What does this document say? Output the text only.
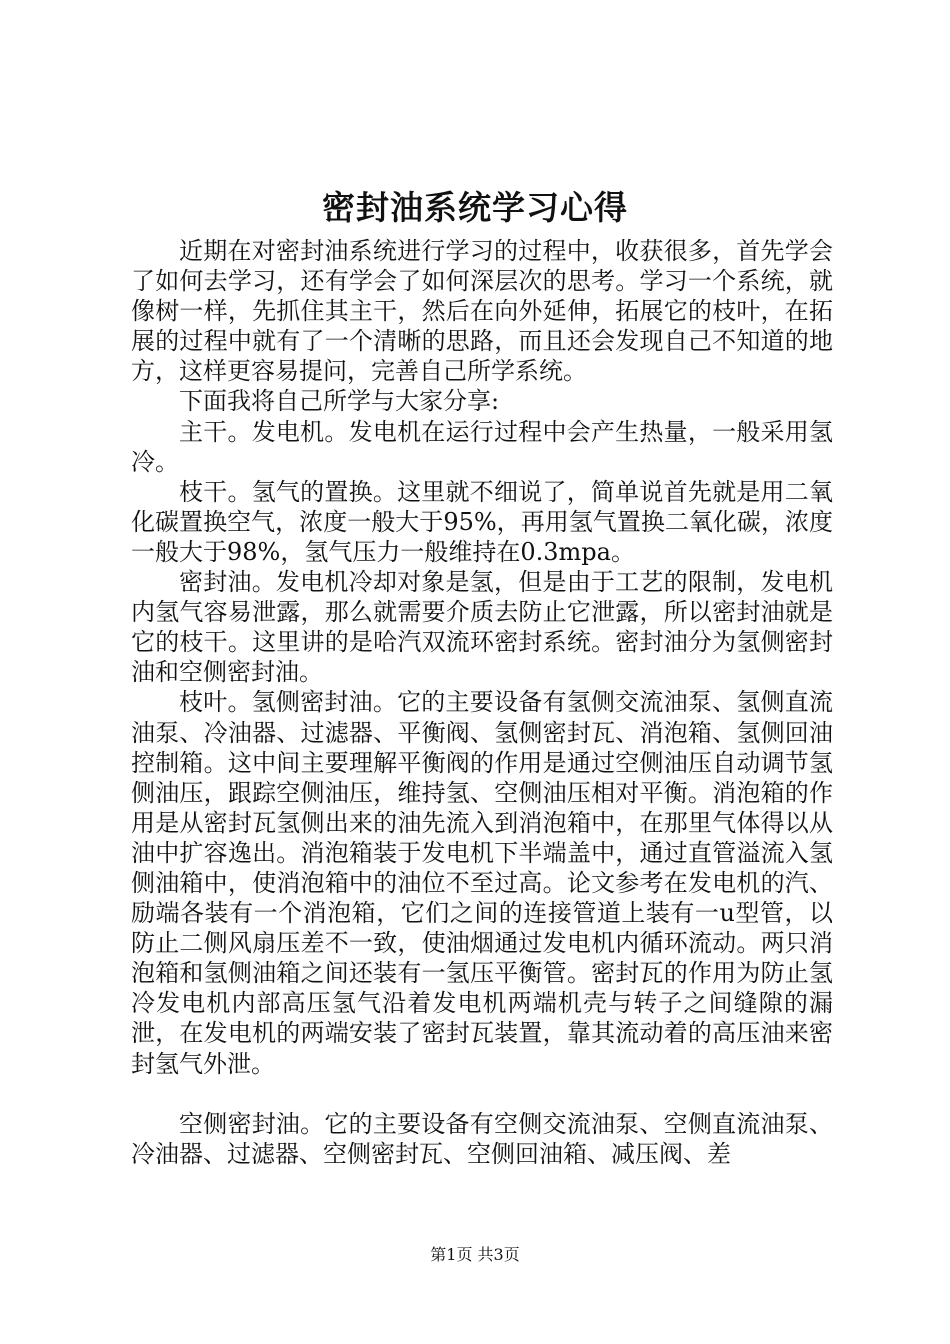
密封油系统学习心得

近期在对密封油系统进行学习的过程中，收获很多，首先学会了如何去学习，还有学会了如何深层次的思考。学习一个系统，就像树一样，先抓住其主干，然后在向外延伸，拓展它的枝叶，在拓展的过程中就有了一个清晰的思路，而且还会发现自己不知道的地方，这样更容易提问，完善自己所学系统。

下面我将自己所学与大家分享:

主干。发电机。发电机在运行过程中会产生热量，一般采用氢冷。

枝干。氢气的置换。这里就不细说了，简单说首先就是用二氧化碳置换空气，浓度一般大于95%，再用氢气置换二氧化碳，浓度一般大于98%，氢气压力一般维持在0.3mpa。

密封油。发电机冷却对象是氢，但是由于工艺的限制，发电机内氢气容易泄露，那么就需要介质去防止它泄露，所以密封油就是它的枝干。这里讲的是哈汽双流环密封系统。密封油分为氢侧密封油和空侧密封油。

枝叶。氢侧密封油。它的主要设备有氢侧交流油泵、氢侧直流油泵、冷油器、过滤器、平衡阀、氢侧密封瓦、消泡箱、氢侧回油控制箱。这中间主要理解平衡阀的作用是通过空侧油压自动调节氢侧油压，跟踪空侧油压，维持氢、空侧油压相对平衡。消泡箱的作用是从密封瓦氢侧出来的油先流入到消泡箱中，在那里气体得以从油中扩容逸出。消泡箱装于发电机下半端盖中，通过直管溢流入氢侧油箱中，使消泡箱中的油位不至过高。论文参考在发电机的汽、励端各装有一个消泡箱，它们之间的连接管道上装有一u型管，以防止二侧风扇压差不一致，使油烟通过发电机内循环流动。两只消泡箱和氢侧油箱之间还装有一氢压平衡管。密封瓦的作用为防止氢冷发电机内部高压氢气沿着发电机两端机壳与转子之间缝隙的漏泄，在发电机的两端安装了密封瓦装置，靠其流动着的高压油来密封氢气外泄。

空侧密封油。它的主要设备有空侧交流油泵、空侧直流油泵、冷油器、过滤器、空侧密封瓦、空侧回油箱、减压阀、差

第1页 共3页
